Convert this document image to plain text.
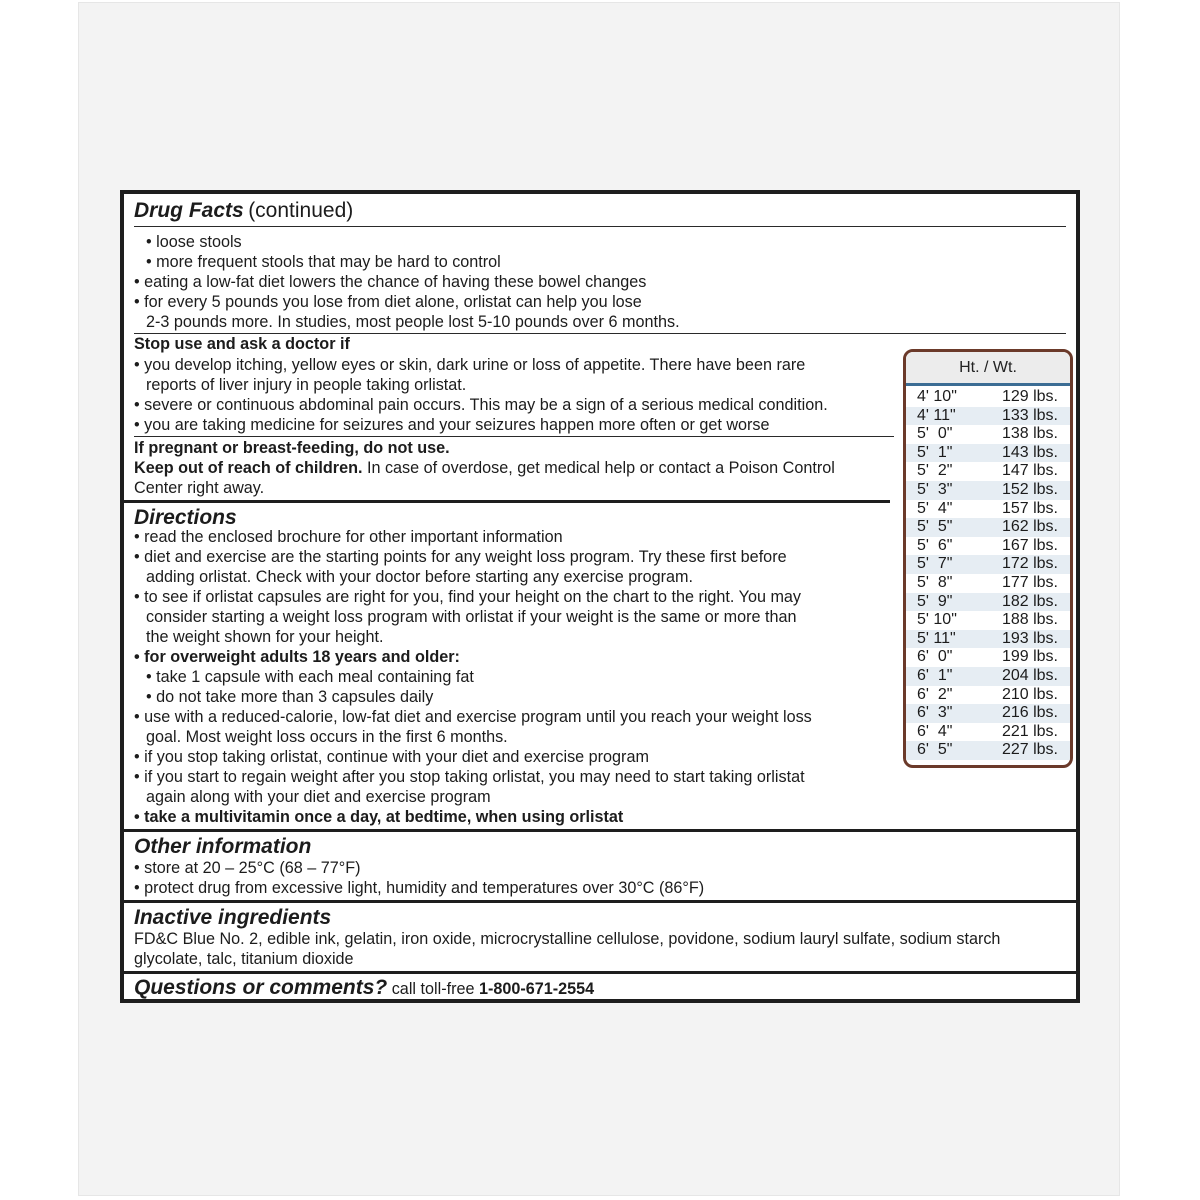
Drug Facts (continued)
• loose stools
• more frequent stools that may be hard to control
• eating a low-fat diet lowers the chance of having these bowel changes
• for every 5 pounds you lose from diet alone, orlistat can help you lose
2-3 pounds more. In studies, most people lost 5-10 pounds over 6 months.
Stop use and ask a doctor if
• you develop itching, yellow eyes or skin, dark urine or loss of appetite. There have been rare
reports of liver injury in people taking orlistat.
• severe or continuous abdominal pain occurs. This may be a sign of a serious medical condition.
• you are taking medicine for seizures and your seizures happen more often or get worse
If pregnant or breast-feeding, do not use.
Keep out of reach of children. In case of overdose, get medical help or contact a Poison Control
Center right away.
Directions
• read the enclosed brochure for other important information
• diet and exercise are the starting points for any weight loss program. Try these first before
adding orlistat. Check with your doctor before starting any exercise program.
• to see if orlistat capsules are right for you, find your height on the chart to the right. You may
consider starting a weight loss program with orlistat if your weight is the same or more than
the weight shown for your height.
• for overweight adults 18 years and older:
• take 1 capsule with each meal containing fat
• do not take more than 3 capsules daily
• use with a reduced-calorie, low-fat diet and exercise program until you reach your weight loss
goal. Most weight loss occurs in the first 6 months.
• if you stop taking orlistat, continue with your diet and exercise program
• if you start to regain weight after you stop taking orlistat, you may need to start taking orlistat
again along with your diet and exercise program
• take a multivitamin once a day, at bedtime, when using orlistat
Other information
• store at 20 – 25°C (68 – 77°F)
• protect drug from excessive light, humidity and temperatures over 30°C (86°F)
Inactive ingredients
FD&C Blue No. 2, edible ink, gelatin, iron oxide, microcrystalline cellulose, povidone, sodium lauryl sulfate, sodium starch
glycolate, talc, titanium dioxide
Questions or comments? call toll-free 1-800-671-2554
Ht. / Wt.
4' 10"	129 lbs.
4' 11"	133 lbs.
5'  0"	138 lbs.
5'  1"	143 lbs.
5'  2"	147 lbs.
5'  3"	152 lbs.
5'  4"	157 lbs.
5'  5"	162 lbs.
5'  6"	167 lbs.
5'  7"	172 lbs.
5'  8"	177 lbs.
5'  9"	182 lbs.
5' 10"	188 lbs.
5' 11"	193 lbs.
6'  0"	199 lbs.
6'  1"	204 lbs.
6'  2"	210 lbs.
6'  3"	216 lbs.
6'  4"	221 lbs.
6'  5"	227 lbs.
